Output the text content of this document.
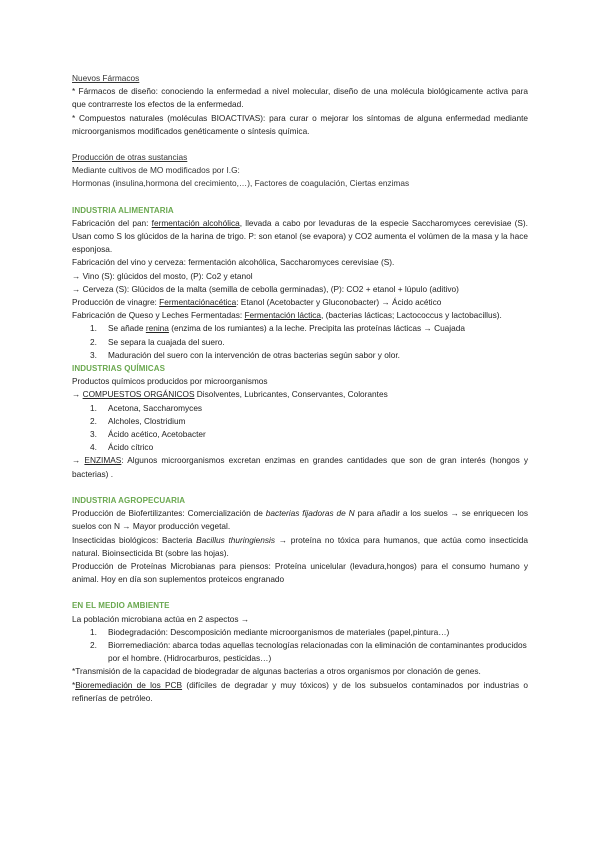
Nuevos Fármacos

* Fármacos de diseño: conociendo la enfermedad a nivel molecular, diseño de una molécula biológicamente activa para que contrarreste los efectos de la enfermedad.

* Compuestos naturales (moléculas BIOACTIVAS): para curar o mejorar los síntomas de alguna enfermedad mediante microorganismos modificados genéticamente o síntesis química.

Producción de otras sustancias

Mediante cultivos de MO modificados por I.G:

Hormonas (insulina,hormona del crecimiento,…), Factores de coagulación, Ciertas enzimas

INDUSTRIA ALIMENTARIA

Fabricación del pan: fermentación alcohólica, llevada a cabo por levaduras de la especie Saccharomyces cerevisiae (S). Usan como S los glúcidos de la harina de trigo. P: son etanol (se evapora) y CO2 aumenta el volúmen de la masa y la hace esponjosa.

Fabricación del vino y cerveza: fermentación alcohólica, Saccharomyces cerevisiae (S).

→ Vino (S): glúcidos del mosto, (P): Co2 y etanol

→ Cerveza (S): Glúcidos de la malta (semilla de cebolla germinadas), (P): CO2 + etanol + lúpulo (aditivo)

Producción de vinagre: Fermentaciónacética: Etanol (Acetobacter y Gluconobacter) → Ácido acético

Fabricación de Queso y Leches Fermentadas: Fermentación láctica, (bacterias lácticas; Lactococcus y lactobacillus).

1. Se añade renina (enzima de los rumiantes) a la leche. Precipita las proteínas lácticas → Cuajada
2. Se separa la cuajada del suero.
3. Maduración del suero con la intervención de otras bacterias según sabor y olor.

INDUSTRIAS QUÍMICAS

Productos químicos producidos por microorganismos

→ COMPUESTOS ORGÁNICOS Disolventes, Lubricantes, Conservantes, Colorantes

1. Acetona, Saccharomyces
2. Alcholes, Clostridium
3. Ácido acético, Acetobacter
4. Ácido cítrico

→ ENZIMAS: Algunos microorganismos excretan enzimas en grandes cantidades que son de gran interés (hongos y bacterias) .

INDUSTRIA AGROPECUARIA

Producción de Biofertilizantes: Comercialización de bacterias fijadoras de N para añadir a los suelos → se enriquecen los suelos con N → Mayor producción vegetal.

Insecticidas biológicos: Bacteria Bacillus thuringiensis → proteína no tóxica para humanos, que actúa como insecticida natural. Bioinsecticida Bt (sobre las hojas).

Producción de Proteínas Microbianas para piensos: Proteína unicelular (levadura,hongos) para el consumo humano y animal. Hoy en día son suplementos proteicos engranado

EN EL MEDIO AMBIENTE

La población microbiana actúa en 2 aspectos →

1. Biodegradación: Descomposición mediante microorganismos de materiales (papel,pintura…)
2. Biorremediación: abarca todas aquellas tecnologías relacionadas con la eliminación de contaminantes producidos por el hombre. (Hidrocarburos, pesticidas…)

*Transmisión de la capacidad de biodegradar de algunas bacterias a otros organismos por clonación de genes.

*Bioremediación de los PCB (difíciles de degradar y muy tóxicos) y de los subsuelos contaminados por industrias o refinerías de petróleo.
